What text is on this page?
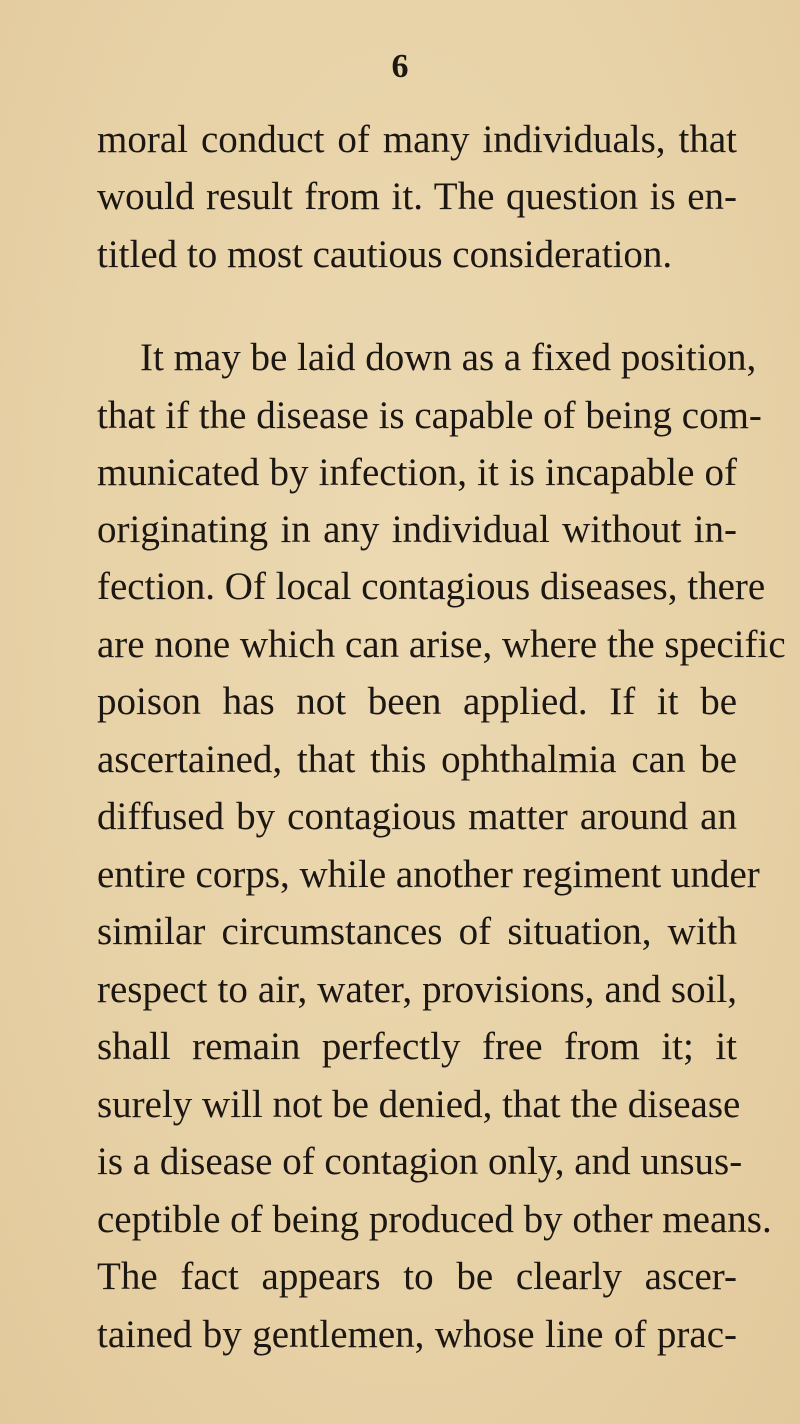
6
moral conduct of many individuals, that
would result from it. The question is en-
titled to most cautious consideration.
It may be laid down as a fixed position,
that if the disease is capable of being com-
municated by infection, it is incapable of
originating in any individual without in-
fection. Of local contagious diseases, there
are none which can arise, where the specific
poison has not been applied. If it be
ascertained, that this ophthalmia can be
diffused by contagious matter around an
entire corps, while another regiment under
similar circumstances of situation, with
respect to air, water, provisions, and soil,
shall remain perfectly free from it; it
surely will not be denied, that the disease
is a disease of contagion only, and unsus-
ceptible of being produced by other means.
The fact appears to be clearly ascer-
tained by gentlemen, whose line of prac-
